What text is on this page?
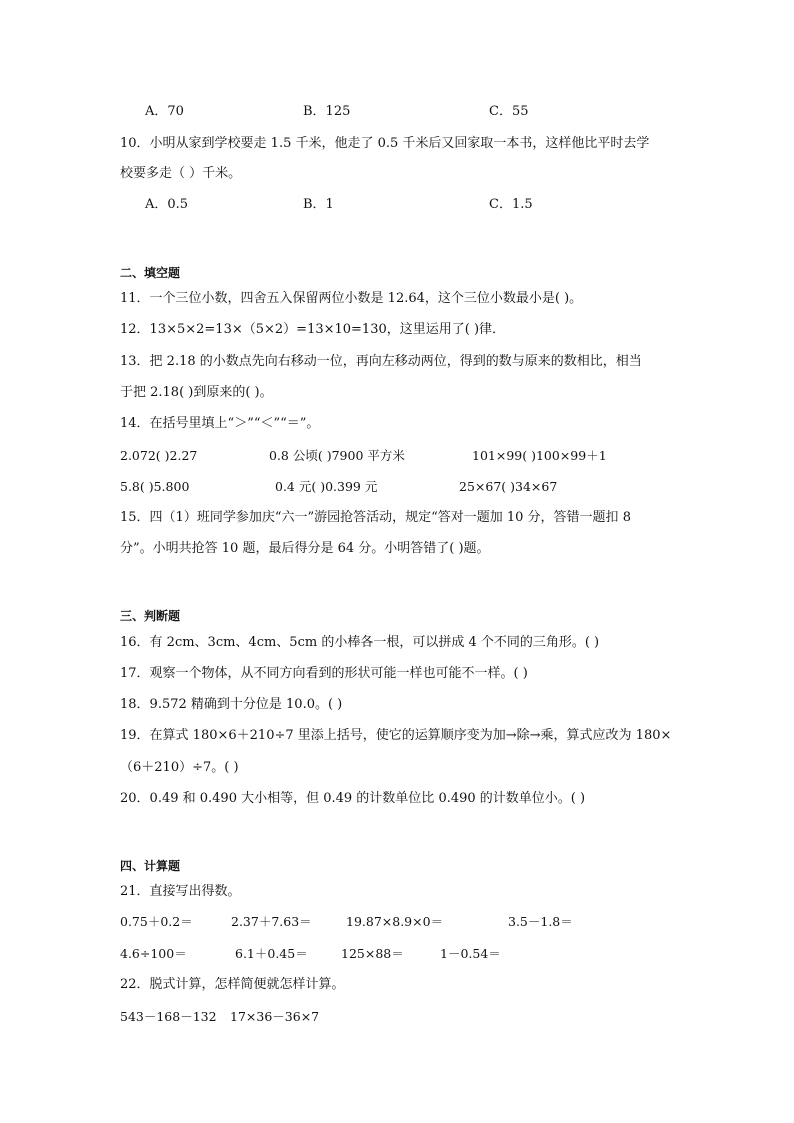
A．70	B．125	C．55
10．小明从家到学校要走 1.5 千米，他走了 0.5 千米后又回家取一本书，这样他比平时去学
校要多走（ ）千米。
A．0.5	B．1	C．1.5
二、填空题
11．一个三位小数，四舍五入保留两位小数是 12.64，这个三位小数最小是( )。
12．13×5×2=13×（5×2）=13×10=130，这里运用了( )律．
13．把 2.18 的小数点先向右移动一位，再向左移动两位，得到的数与原来的数相比，相当
于把 2.18( )到原来的( )。
14．在括号里填上“＞”“＜”“＝”。
2.072( )2.27	0.8 公顷( )7900 平方米	101×99( )100×99＋1
5.8( )5.800	0.4 元( )0.399 元	25×67( )34×67
15．四（1）班同学参加庆“六一”游园抢答活动，规定“答对一题加 10 分，答错一题扣 8
分”。小明共抢答 10 题，最后得分是 64 分。小明答错了( )题。
三、判断题
16．有 2cm、3cm、4cm、5cm 的小棒各一根，可以拼成 4 个不同的三角形。( )
17．观察一个物体，从不同方向看到的形状可能一样也可能不一样。( )
18．9.572 精确到十分位是 10.0。( )
19．在算式 180×6＋210÷7 里添上括号，使它的运算顺序变为加→除→乘，算式应改为 180×
（6＋210）÷7。( )
20．0.49 和 0.490 大小相等，但 0.49 的计数单位比 0.490 的计数单位小。( )
四、计算题
21．直接写出得数。
0.75＋0.2＝	2.37＋7.63＝	19.87×8.9×0＝	3.5－1.8＝
4.6÷100＝	6.1＋0.45＝	125×88＝	1－0.54＝
22．脱式计算，怎样简便就怎样计算。
543－168－132 17×36－36×7
